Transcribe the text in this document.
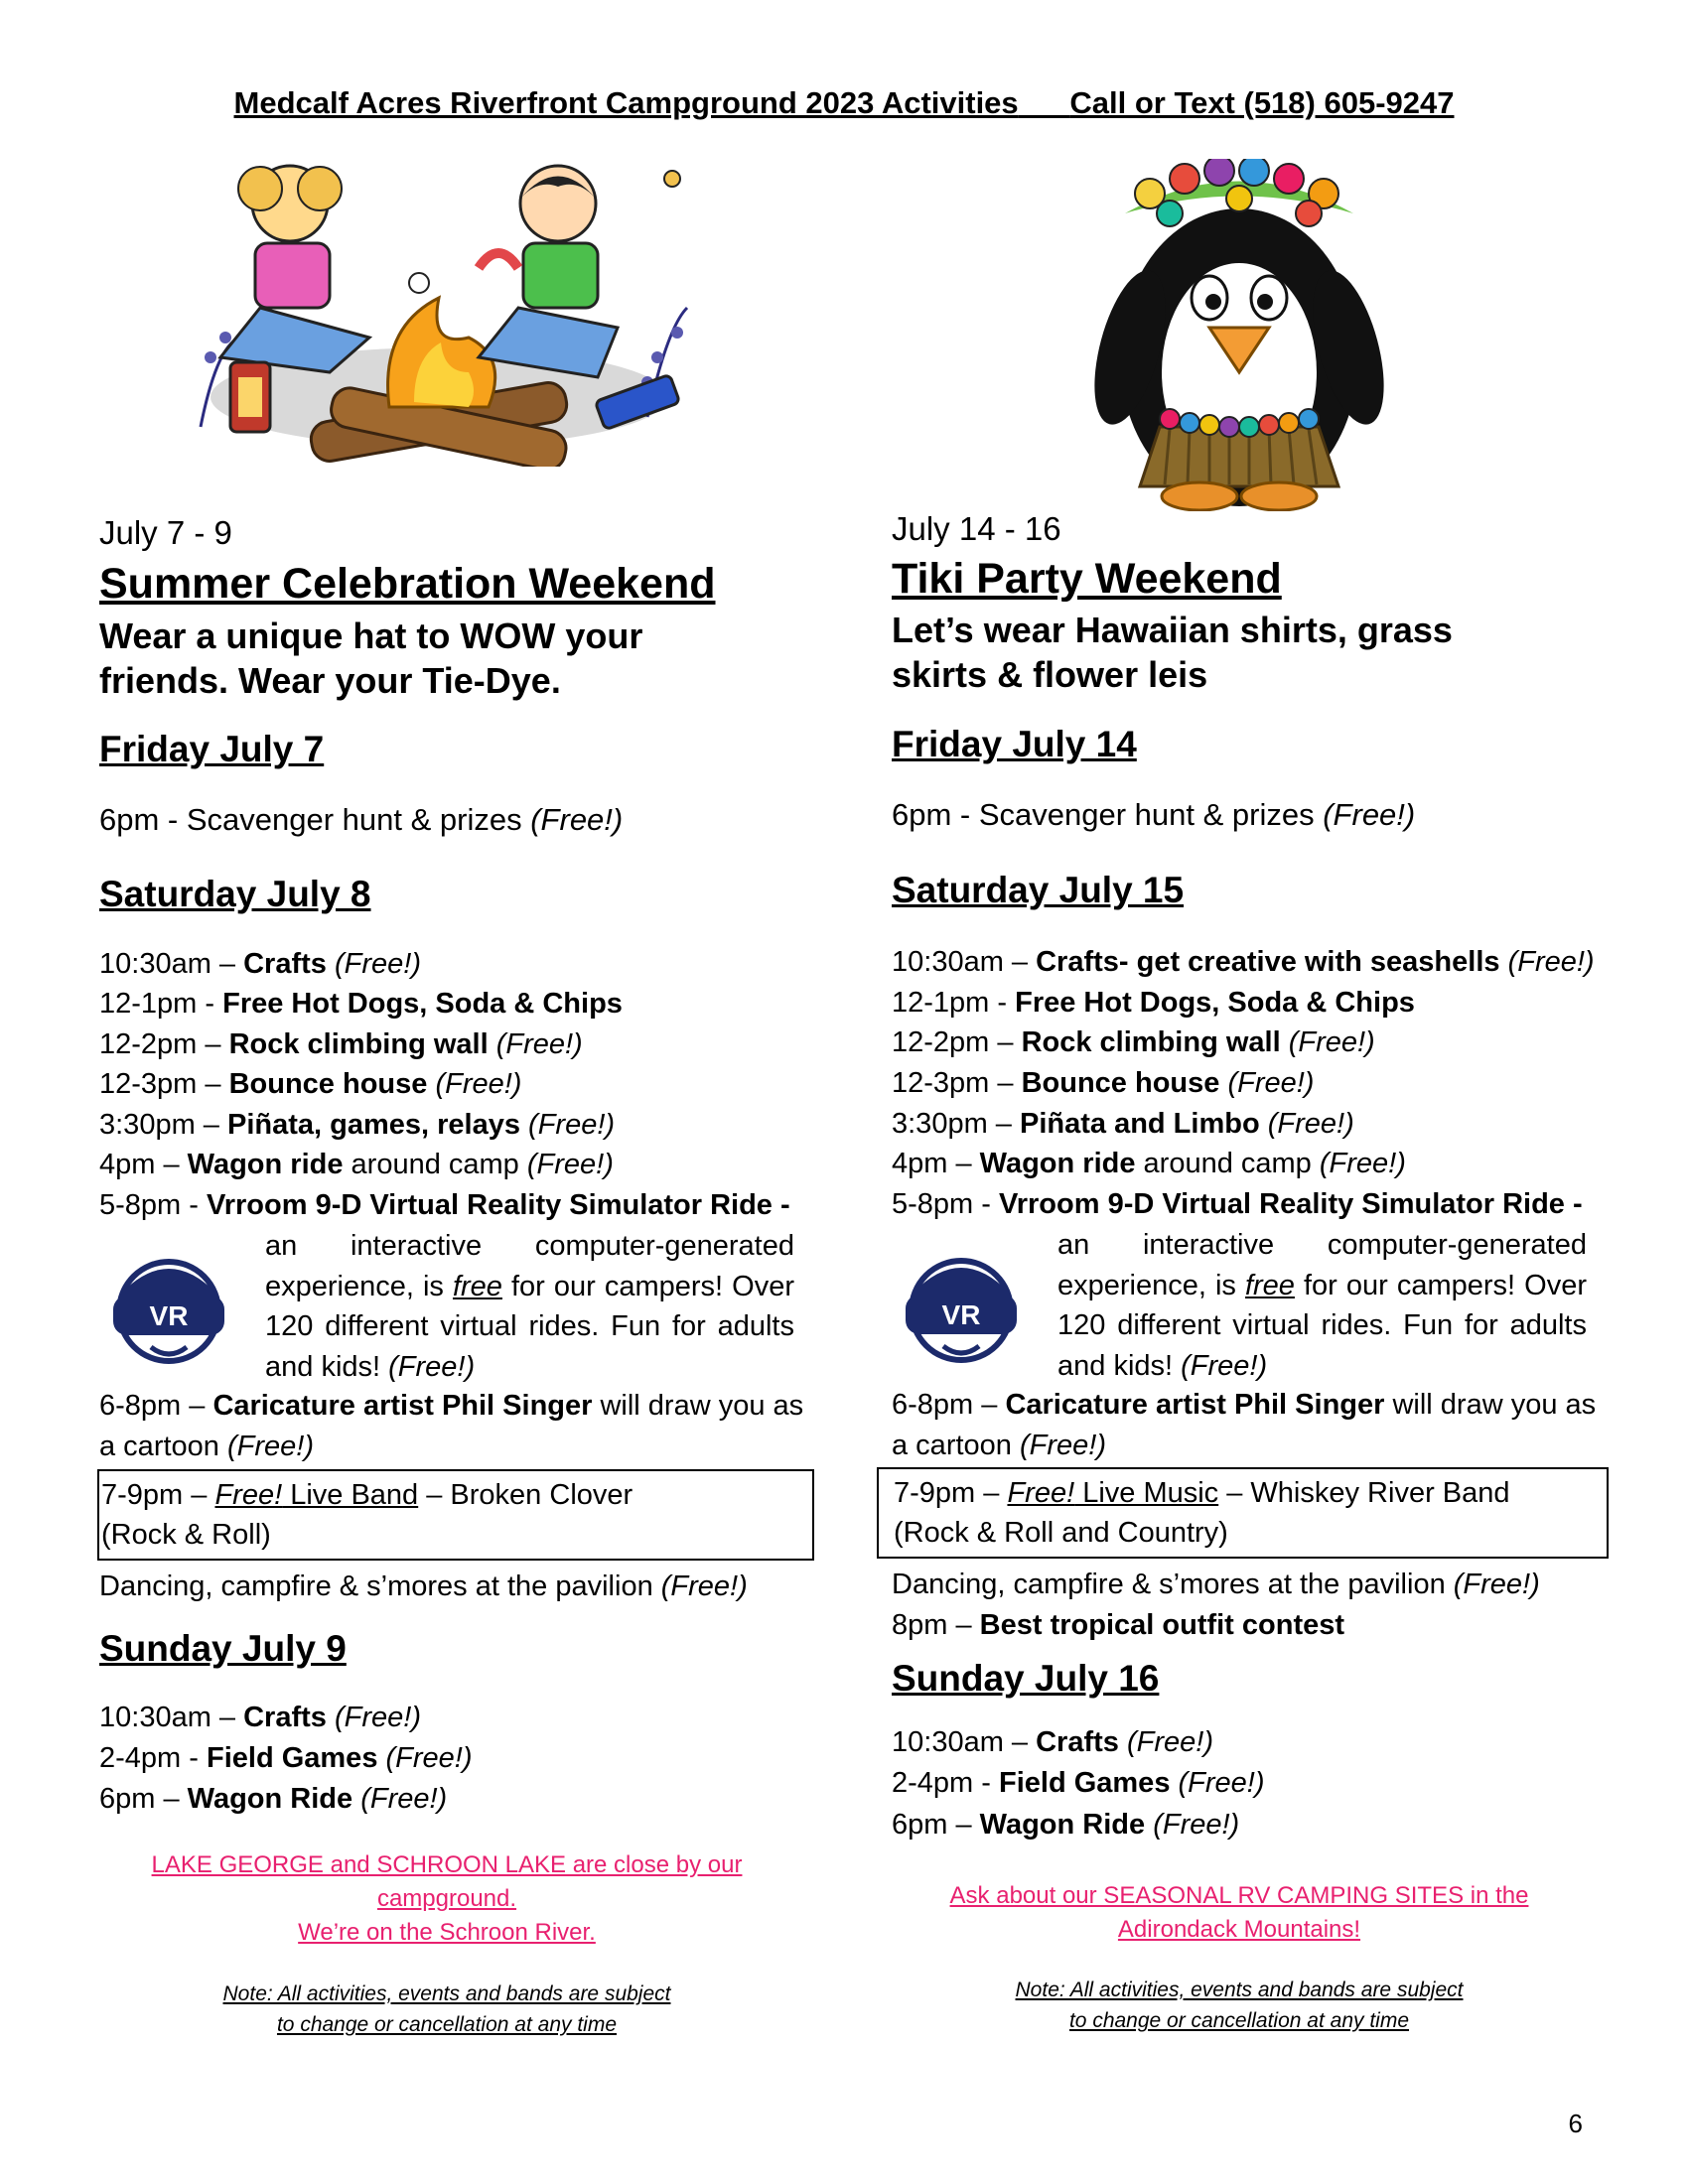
Medcalf Acres Riverfront Campground 2023 Activities Call or Text (518) 605-9247
July 7 - 9
Summer Celebration Weekend
Wear a unique hat to WOW your friends. Wear your Tie-Dye.
Friday July 7
6pm - Scavenger hunt & prizes (Free!)
Saturday July 8
10:30am – Crafts (Free!)
12-1pm - Free Hot Dogs, Soda & Chips
12-2pm – Rock climbing wall (Free!)
12-3pm – Bounce house (Free!)
3:30pm – Piñata, games, relays (Free!)
4pm – Wagon ride around camp (Free!)
5-8pm - Vrroom 9-D Virtual Reality Simulator Ride -
VR
an interactive computer-generated experience, is free for our campers! Over 120 different virtual rides. Fun for adults and kids! (Free!)
6-8pm – Caricature artist Phil Singer will draw you as
a cartoon (Free!)
7-9pm – Free! Live Band – Broken Clover
(Rock & Roll)
Dancing, campfire & s’mores at the pavilion (Free!)
Sunday July 9
10:30am – Crafts (Free!)
2-4pm - Field Games (Free!)
6pm – Wagon Ride (Free!)
LAKE GEORGE and SCHROON LAKE are close by our
campground.
We’re on the Schroon River.
Note: All activities, events and bands are subject
to change or cancellation at any time
July 14 - 16
Tiki Party Weekend
Let’s wear Hawaiian shirts, grass skirts & flower leis
Friday July 14
6pm - Scavenger hunt & prizes (Free!)
Saturday July 15
10:30am – Crafts- get creative with seashells (Free!)
12-1pm - Free Hot Dogs, Soda & Chips
12-2pm – Rock climbing wall (Free!)
12-3pm – Bounce house (Free!)
3:30pm – Piñata and Limbo (Free!)
4pm – Wagon ride around camp (Free!)
5-8pm - Vrroom 9-D Virtual Reality Simulator Ride -
VR
an interactive computer-generated experience, is free for our campers! Over 120 different virtual rides. Fun for adults and kids! (Free!)
6-8pm – Caricature artist Phil Singer will draw you as
a cartoon (Free!)
7-9pm – Free! Live Music – Whiskey River Band
(Rock & Roll and Country)
Dancing, campfire & s’mores at the pavilion (Free!)
8pm – Best tropical outfit contest
Sunday July 16
10:30am – Crafts (Free!)
2-4pm - Field Games (Free!)
6pm – Wagon Ride (Free!)
Ask about our SEASONAL RV CAMPING SITES in the
Adirondack Mountains!
Note: All activities, events and bands are subject
to change or cancellation at any time
6
